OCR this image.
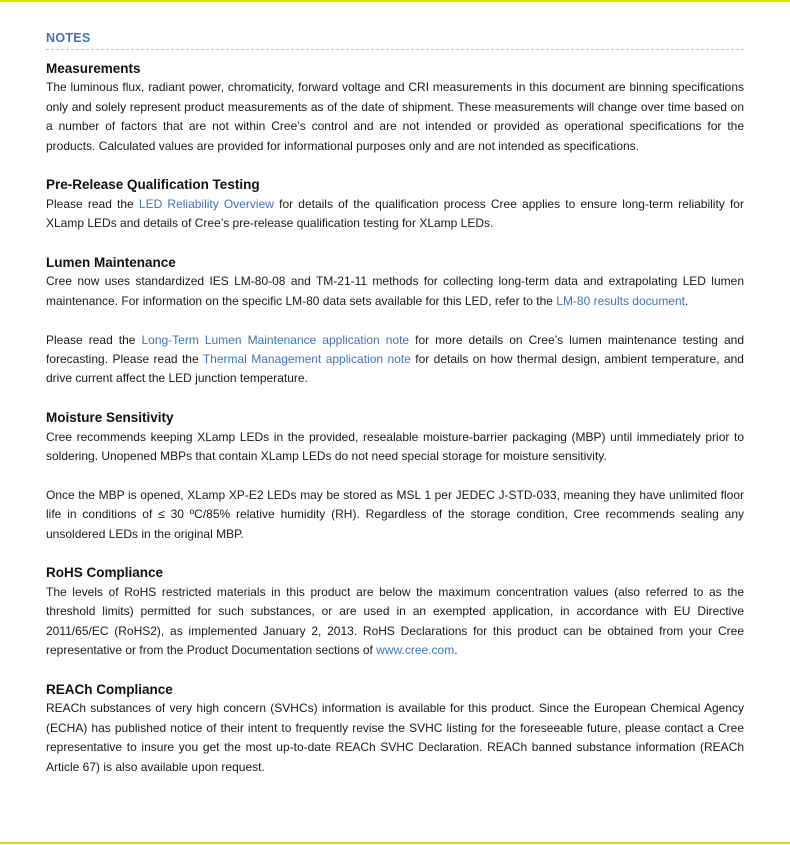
NOTES
Measurements

The luminous flux, radiant power, chromaticity, forward voltage and CRI measurements in this document are binning specifications only and solely represent product measurements as of the date of shipment. These measurements will change over time based on a number of factors that are not within Cree’s control and are not intended or provided as operational specifications for the products. Calculated values are provided for informational purposes only and are not intended as specifications.

Pre-Release Qualification Testing

Please read the LED Reliability Overview for details of the qualification process Cree applies to ensure long-term reliability for XLamp LEDs and details of Cree’s pre-release qualification testing for XLamp LEDs.

Lumen Maintenance

Cree now uses standardized IES LM-80-08 and TM-21-11 methods for collecting long-term data and extrapolating LED lumen maintenance. For information on the specific LM-80 data sets available for this LED, refer to the LM-80 results document.

Please read the Long-Term Lumen Maintenance application note for more details on Cree’s lumen maintenance testing and forecasting. Please read the Thermal Management application note for details on how thermal design, ambient temperature, and drive current affect the LED junction temperature.

Moisture Sensitivity

Cree recommends keeping XLamp LEDs in the provided, resealable moisture-barrier packaging (MBP) until immediately prior to soldering. Unopened MBPs that contain XLamp LEDs do not need special storage for moisture sensitivity.

Once the MBP is opened, XLamp XP-E2 LEDs may be stored as MSL 1 per JEDEC J-STD-033, meaning they have unlimited floor life in conditions of ≤ 30 ºC/85% relative humidity (RH). Regardless of the storage condition, Cree recommends sealing any unsoldered LEDs in the original MBP.

RoHS Compliance

The levels of RoHS restricted materials in this product are below the maximum concentration values (also referred to as the threshold limits) permitted for such substances, or are used in an exempted application, in accordance with EU Directive 2011/65/EC (RoHS2), as implemented January 2, 2013. RoHS Declarations for this product can be obtained from your Cree representative or from the Product Documentation sections of www.cree.com.

REACh Compliance

REACh substances of very high concern (SVHCs) information is available for this product. Since the European Chemical Agency (ECHA) has published notice of their intent to frequently revise the SVHC listing for the foreseeable future, please contact a Cree representative to insure you get the most up-to-date REACh SVHC Declaration. REACh banned substance information (REACh Article 67) is also available upon request.
